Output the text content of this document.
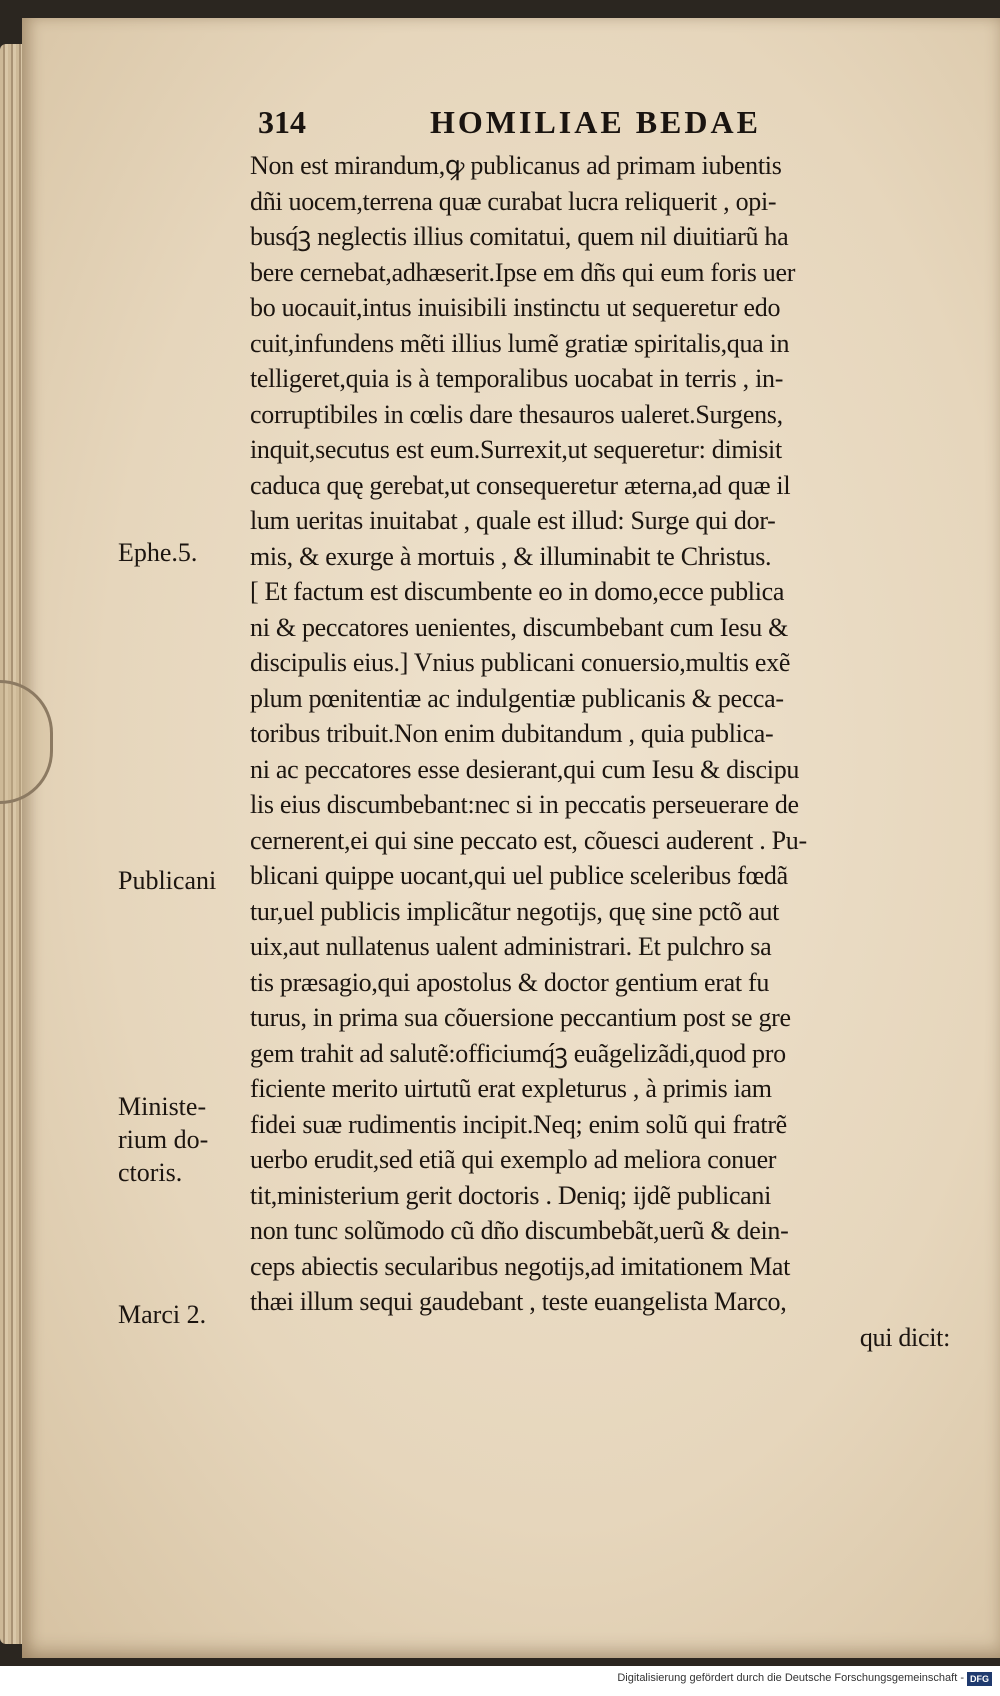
314	HOMILIAE BEDAE
Non est mirandum,ꝙ publicanus ad primam iubentis
dñi uocem,terrena quæ curabat lucra reliquerit , opi-
busq́ꝫ neglectis illius comitatui, quem nil diuitiarũ ha
bere cernebat,adhæserit.Ipse em dñs qui eum foris uer
bo uocauit,intus inuisibili instinctu ut sequeretur edo
cuit,infundens mẽti illius lumẽ gratiæ spiritalis,qua in
telligeret,quia is à temporalibus uocabat in terris , in-
corruptibiles in cœlis dare thesauros ualeret.Surgens,
inquit,secutus est eum.Surrexit,ut sequeretur: dimisit
caduca quę gerebat,ut consequeretur æterna,ad quæ il
lum ueritas inuitabat , quale est illud: Surge qui dor-
mis, & exurge à mortuis , & illuminabit te Christus.
[ Et factum est discumbente eo in domo,ecce publica
ni & peccatores uenientes, discumbebant cum Iesu &
discipulis eius.] Vnius publicani conuersio,multis exẽ
plum pœnitentiæ ac indulgentiæ publicanis & pecca-
toribus tribuit.Non enim dubitandum , quia publica-
ni ac peccatores esse desierant,qui cum Iesu & discipu
lis eius discumbebant:nec si in peccatis perseuerare de
cernerent,ei qui sine peccato est, cõuesci auderent . Pu-
blicani quippe uocant,qui uel publice sceleribus fœdã
tur,uel publicis implicãtur negotijs, quę sine pctõ aut
uix,aut nullatenus ualent administrari. Et pulchro sa
tis præsagio,qui apostolus & doctor gentium erat fu
turus, in prima sua cõuersione peccantium post se gre
gem trahit ad salutẽ:officiumq́ꝫ euãgelizãdi,quod pro
ficiente merito uirtutũ erat expleturus , à primis iam
fidei suæ rudimentis incipit.Neq; enim solũ qui fratrẽ
uerbo erudit,sed etiã qui exemplo ad meliora conuer
tit,ministerium gerit doctoris . Deniq; ijdẽ publicani
non tunc solũmodo cũ dño discumbebãt,uerũ & dein-
ceps abiectis secularibus negotijs,ad imitationem Mat
thæi illum sequi gaudebant , teste euangelista Marco,
qui dicit:
Ephe.5.
Publicani
Ministe-
rium do-
ctoris.
Marci 2.
Digitalisierung gefördert durch die Deutsche Forschungsgemeinschaft - DFG
